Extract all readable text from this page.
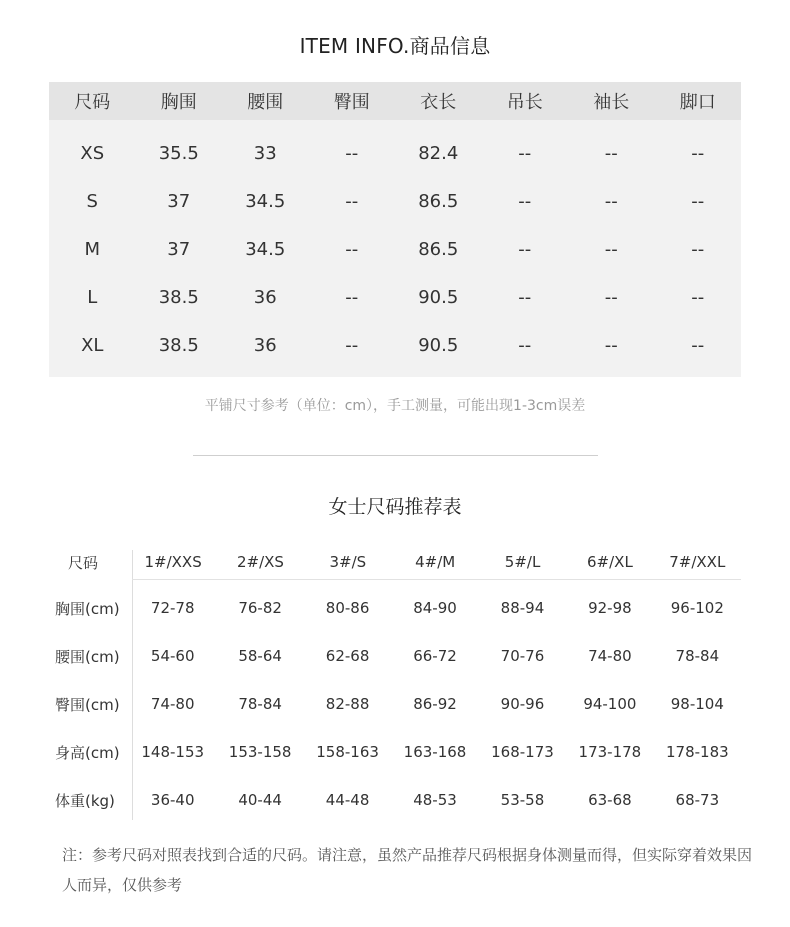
ITEM INFO.商品信息
尺码	胸围	腰围	臀围	衣长	吊长	袖长	脚口
XS	35.5	33	--	82.4	--	--	--
S	37	34.5	--	86.5	--	--	--
M	37	34.5	--	86.5	--	--	--
L	38.5	36	--	90.5	--	--	--
XL	38.5	36	--	90.5	--	--	--
平铺尺寸参考（单位：cm），手工测量，可能出现1-3cm误差
女士尺码推荐表
尺码	1#/XXS	2#/XS	3#/S	4#/M	5#/L	6#/XL	7#/XXL
胸围(cm)	72-78	76-82	80-86	84-90	88-94	92-98	96-102
腰围(cm)	54-60	58-64	62-68	66-72	70-76	74-80	78-84
臀围(cm)	74-80	78-84	82-88	86-92	90-96	94-100	98-104
身高(cm)	148-153	153-158	158-163	163-168	168-173	173-178	178-183
体重(kg)	36-40	40-44	44-48	48-53	53-58	63-68	68-73
注：参考尺码对照表找到合适的尺码。请注意，虽然产品推荐尺码根据身体测量而得，但实际穿着效果因人而异，仅供参考
